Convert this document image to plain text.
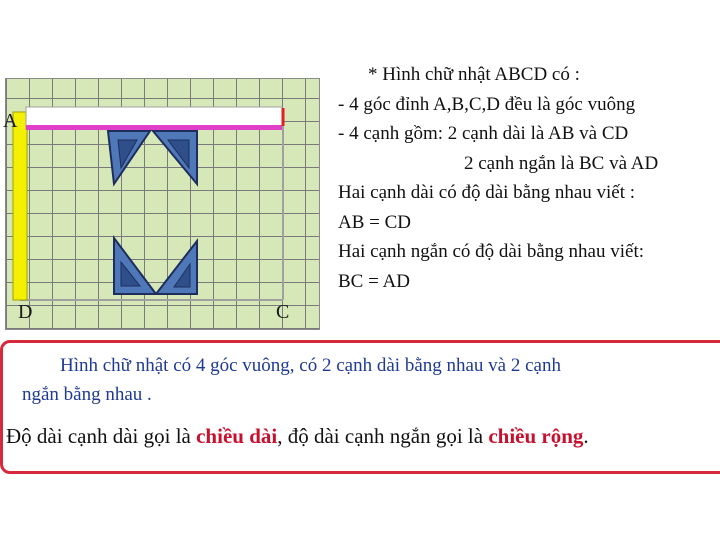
A
D	C
* Hình chữ nhật ABCD có :
- 4 góc đỉnh A,B,C,D đều là góc vuông
- 4 cạnh gồm: 2 cạnh dài là AB và CD
2 cạnh ngắn là BC và AD
Hai cạnh dài có độ dài bằng nhau viết :
AB = CD
Hai cạnh ngắn có độ dài bằng nhau viết:
BC = AD
Hình chữ nhật có 4 góc vuông, có 2 cạnh dài bằng nhau và 2 cạnh
ngắn bằng nhau .
Độ dài cạnh dài gọi là chiều dài, độ dài cạnh ngắn gọi là chiều rộng.
